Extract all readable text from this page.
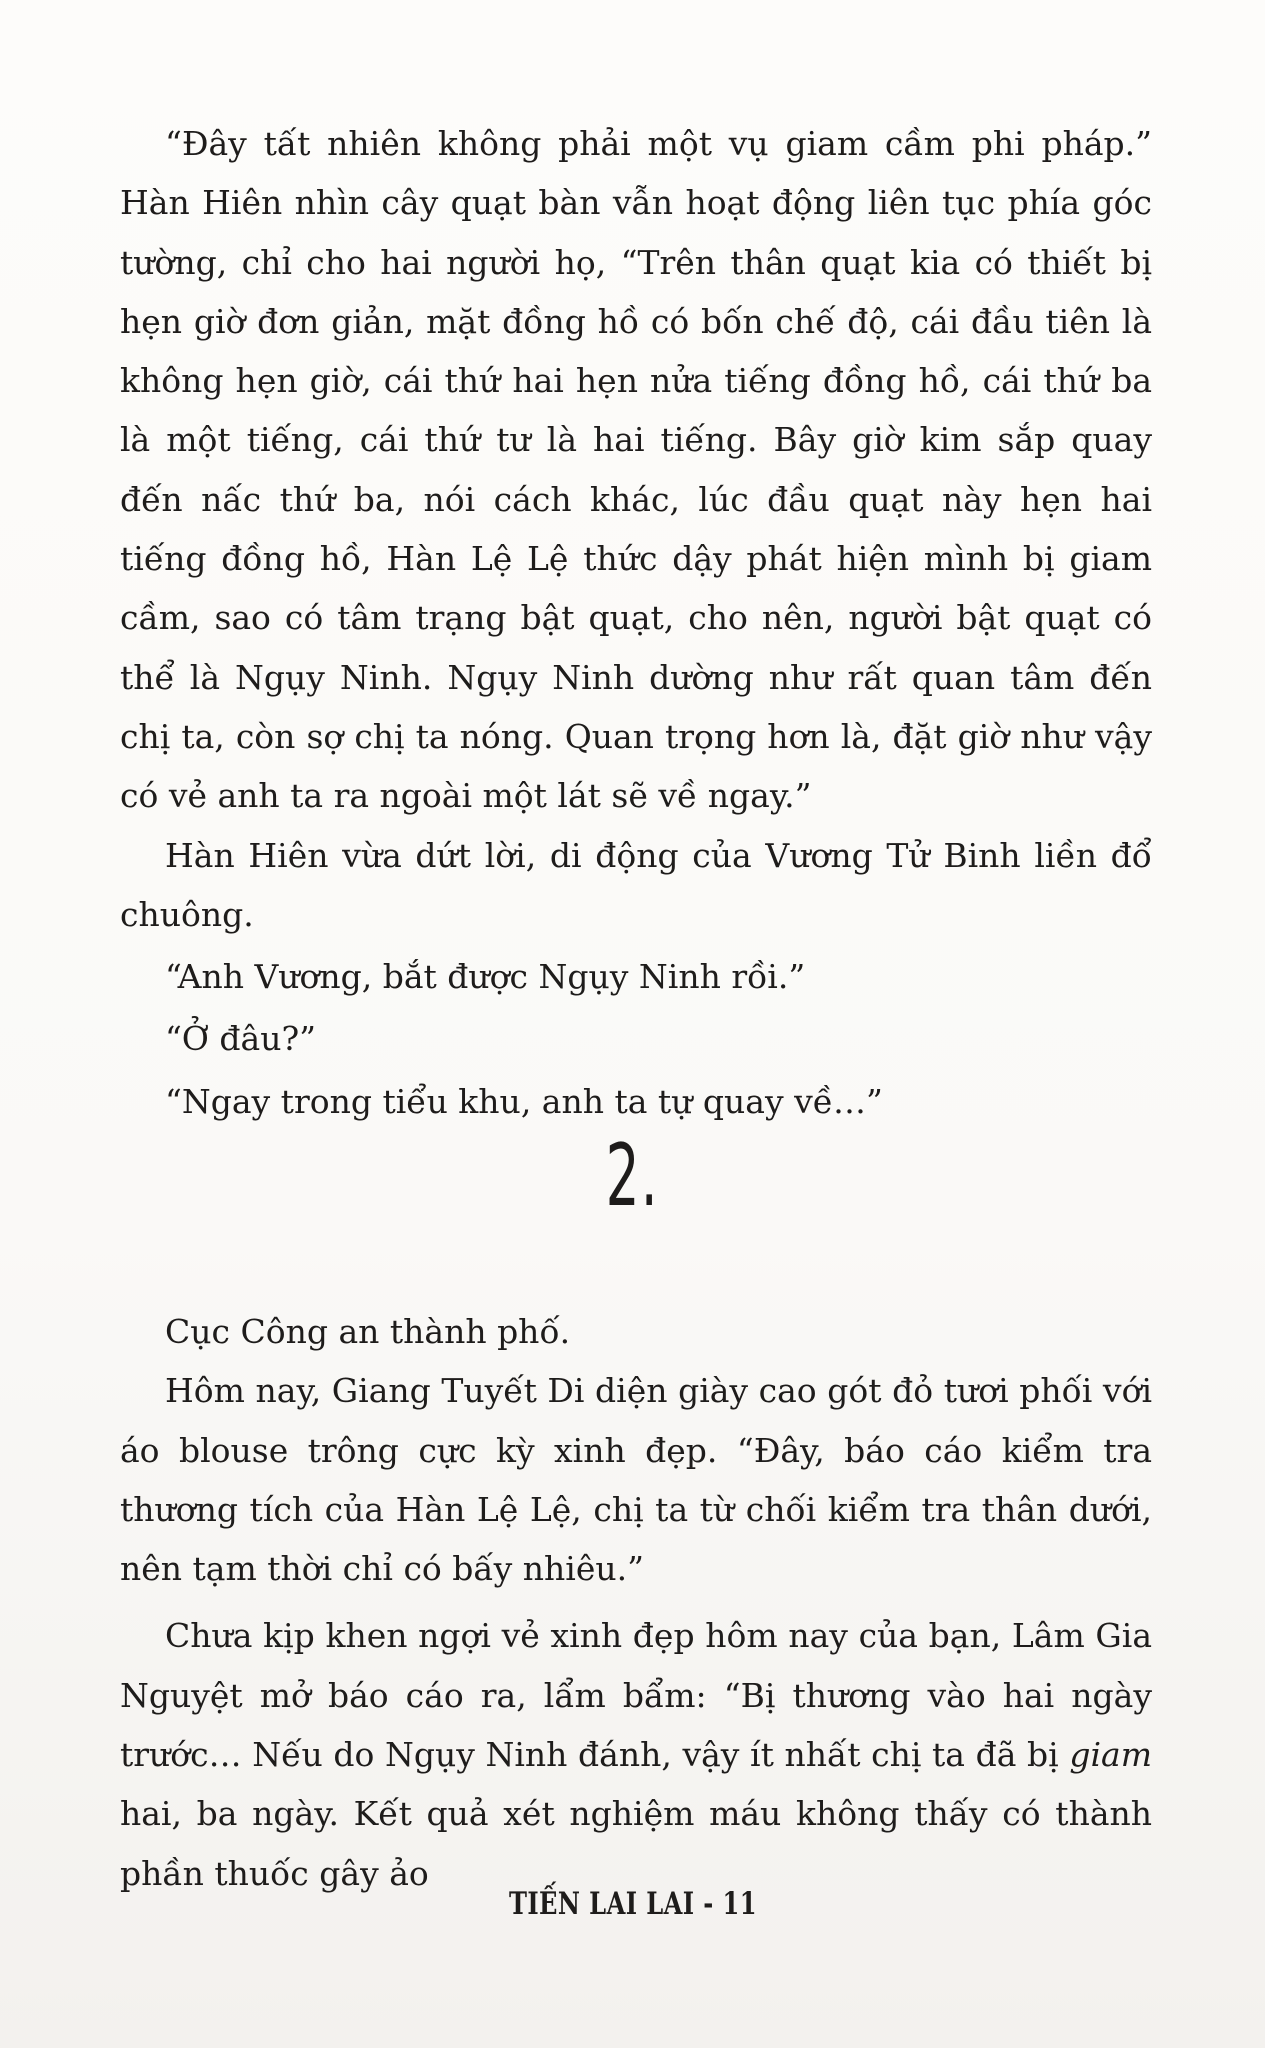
“Đây tất nhiên không phải một vụ giam cầm phi pháp.” Hàn Hiên nhìn cây quạt bàn vẫn hoạt động liên tục phía góc tường, chỉ cho hai người họ, “Trên thân quạt kia có thiết bị hẹn giờ đơn giản, mặt đồng hồ có bốn chế độ, cái đầu tiên là không hẹn giờ, cái thứ hai hẹn nửa tiếng đồng hồ, cái thứ ba là một tiếng, cái thứ tư là hai tiếng. Bây giờ kim sắp quay đến nấc thứ ba, nói cách khác, lúc đầu quạt này hẹn hai tiếng đồng hồ, Hàn Lệ Lệ thức dậy phát hiện mình bị giam cầm, sao có tâm trạng bật quạt, cho nên, người bật quạt có thể là Ngụy Ninh. Ngụy Ninh dường như rất quan tâm đến chị ta, còn sợ chị ta nóng. Quan trọng hơn là, đặt giờ như vậy có vẻ anh ta ra ngoài một lát sẽ về ngay.”

Hàn Hiên vừa dứt lời, di động của Vương Tử Binh liền đổ chuông.

“Anh Vương, bắt được Ngụy Ninh rồi.”

“Ở đâu?”

“Ngay trong tiểu khu, anh ta tự quay về…”

2.

Cục Công an thành phố.

Hôm nay, Giang Tuyết Di diện giày cao gót đỏ tươi phối với áo blouse trông cực kỳ xinh đẹp. “Đây, báo cáo kiểm tra thương tích của Hàn Lệ Lệ, chị ta từ chối kiểm tra thân dưới, nên tạm thời chỉ có bấy nhiêu.”

Chưa kịp khen ngợi vẻ xinh đẹp hôm nay của bạn, Lâm Gia Nguyệt mở báo cáo ra, lẩm bẩm: “Bị thương vào hai ngày trước… Nếu do Ngụy Ninh đánh, vậy ít nhất chị ta đã bị giam hai, ba ngày. Kết quả xét nghiệm máu không thấy có thành phần thuốc gây ảo

TIẾN LAI LAI - 11
